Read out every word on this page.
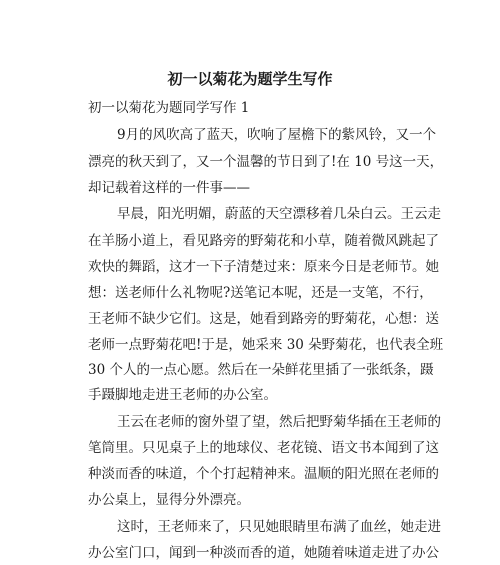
初一以菊花为题学生写作
初一以菊花为题同学写作 1
9月的风吹高了蓝天，吹响了屋檐下的紫风铃，又一个
漂亮的秋天到了，又一个温馨的节日到了!在 10 号这一天，
却记载着这样的一件事——
早晨，阳光明媚，蔚蓝的天空漂移着几朵白云。王云走
在羊肠小道上，看见路旁的野菊花和小草，随着微风跳起了
欢快的舞蹈，这才一下子清楚过来：原来今日是老师节。她
想：送老师什么礼物呢?送笔记本呢，还是一支笔，不行，
王老师不缺少它们。这是，她看到路旁的野菊花，心想：送
老师一点野菊花吧!于是，她采来 30 朵野菊花，也代表全班
30 个人的一点心愿。然后在一朵鲜花里插了一张纸条，蹑
手蹑脚地走进王老师的办公室。
王云在老师的窗外望了望，然后把野菊华插在王老师的
笔筒里。只见桌子上的地球仪、老花镜、语文书本闻到了这
种淡而香的味道，个个打起精神来。温顺的阳光照在老师的
办公桌上，显得分外漂亮。
这时，王老师来了，只见她眼睛里布满了血丝，她走进
办公室门口，闻到一种淡而香的道，她随着味道走进了办公
